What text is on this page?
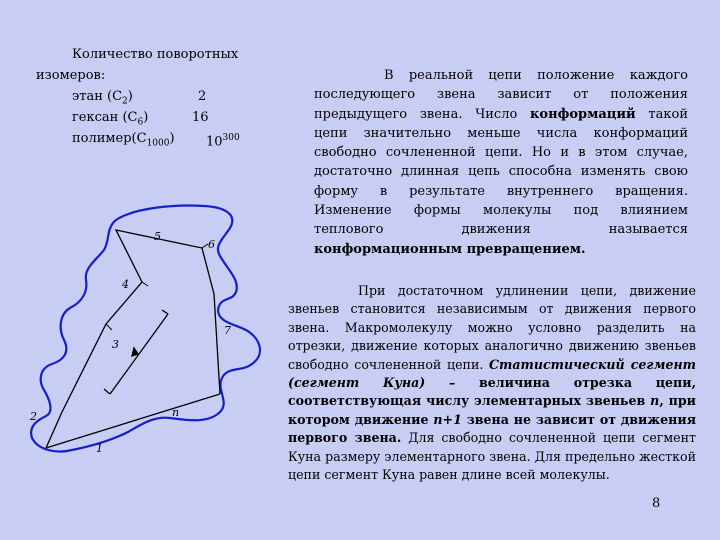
Количество поворотных
изомеров:
этан $(C_2)$	2
гексан $(C_6)$	16
$полимер(C_{1000})$ $10^{300}$

В реальной цепи положение каждого последующего звена зависит от положения предыдущего звена. Число конформаций такой цепи значительно меньше числа конформаций свободно сочлененной цепи. Но и в этом случае, достаточно длинная цепь способна изменять свою форму в результате внутреннего вращения. Изменение формы молекулы под влиянием теплового движения называется конформационным превращением.

При достаточном удлинении цепи, движение звеньев становится независимым от движения первого звена. Макромолекулу можно условно разделить на отрезки, движение которых аналогично движению звеньев свободно сочлененной цепи. Статистический сегмент (сегмент Куна) – величина отрезка цепи, соответствующая числу элементарных звеньев n, при котором движение n+1 звена не зависит от движения первого звена. Для свободно сочлененной цепи сегмент Куна размеру элементарного звена. Для предельно жесткой цепи сегмент Куна равен длине всей молекулы.

1
2
3
4
5
6
7
n
8
